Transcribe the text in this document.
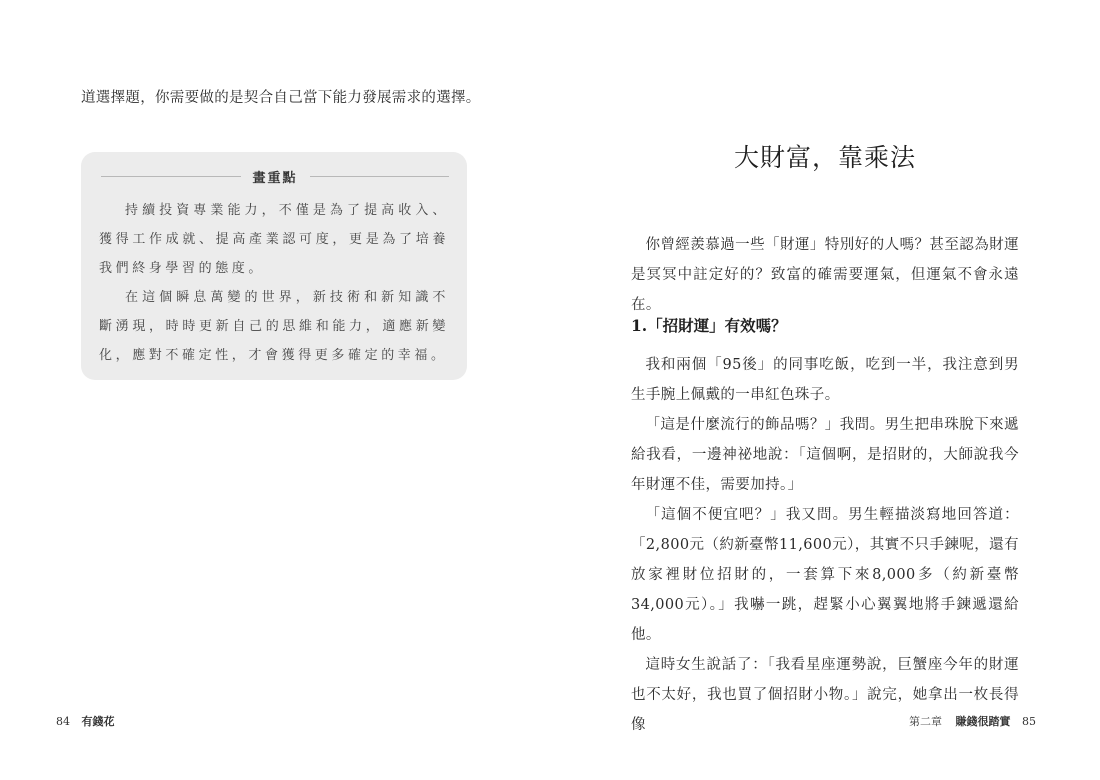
道選擇題，你需要做的是契合自己當下能力發展需求的選擇。
畫重點

持續投資專業能力，不僅是為了提高收入、獲得工作成就、提高產業認可度，更是為了培養我們終身學習的態度。

在這個瞬息萬變的世界，新技術和新知識不斷湧現，時時更新自己的思維和能力，適應新變化，應對不確定性，才會獲得更多確定的幸福。

84 有錢花
大財富，靠乘法

你曾經羨慕過一些「財運」特別好的人嗎？甚至認為財運是冥冥中註定好的？致富的確需要運氣，但運氣不會永遠在。

1.「招財運」有效嗎？

我和兩個「95後」的同事吃飯，吃到一半，我注意到男生手腕上佩戴的一串紅色珠子。

「這是什麼流行的飾品嗎？」我問。男生把串珠脫下來遞給我看，一邊神祕地說：「這個啊，是招財的，大師說我今年財運不佳，需要加持。」

「這個不便宜吧？」我又問。男生輕描淡寫地回答道：「2,800元（約新臺幣11,600元），其實不只手鍊呢，還有放家裡財位招財的，一套算下來8,000多（約新臺幣34,000元）。」我嚇一跳，趕緊小心翼翼地將手鍊遞還給他。

這時女生說話了：「我看星座運勢說，巨蟹座今年的財運也不太好，我也買了個招財小物。」說完，她拿出一枚長得像	第二章 賺錢很踏實 85
